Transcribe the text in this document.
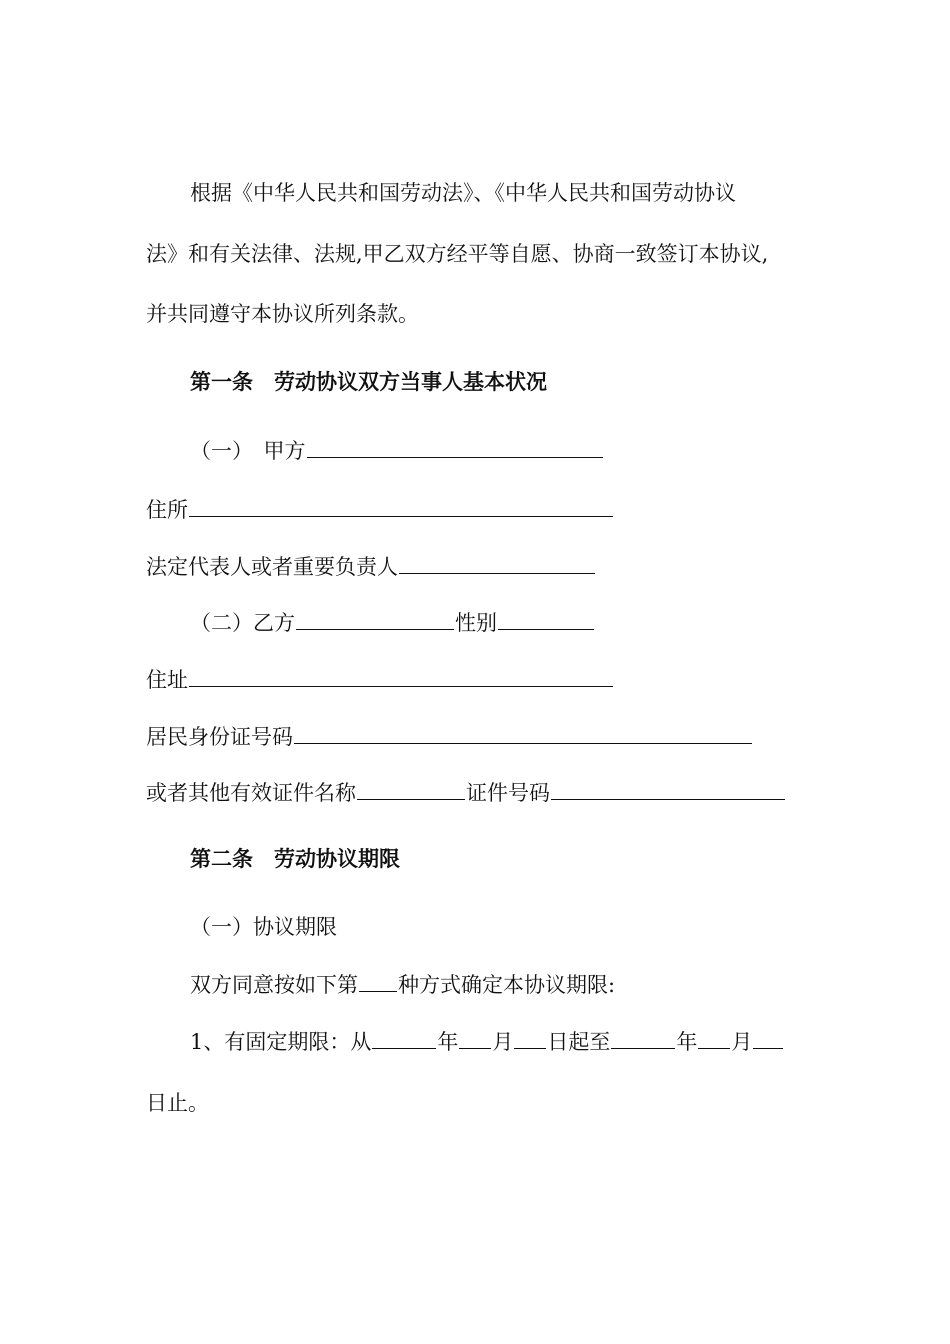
根据《中华人民共和国劳动法》、《中华人民共和国劳动协议
法》和有关法律、法规,甲乙双方经平等自愿、协商一致签订本协议,
并共同遵守本协议所列条款。
第一条　劳动协议双方当事人基本状况
（一）　甲方
住所
法定代表人或者重要负责人
（二）乙方	性别
住址
居民身份证号码
或者其他有效证件名称	证件号码
第二条　劳动协议期限
（一）协议期限
双方同意按如下第 种方式确定本协议期限:
1、有固定期限：从	年 月 日起至	年 月
日止。
